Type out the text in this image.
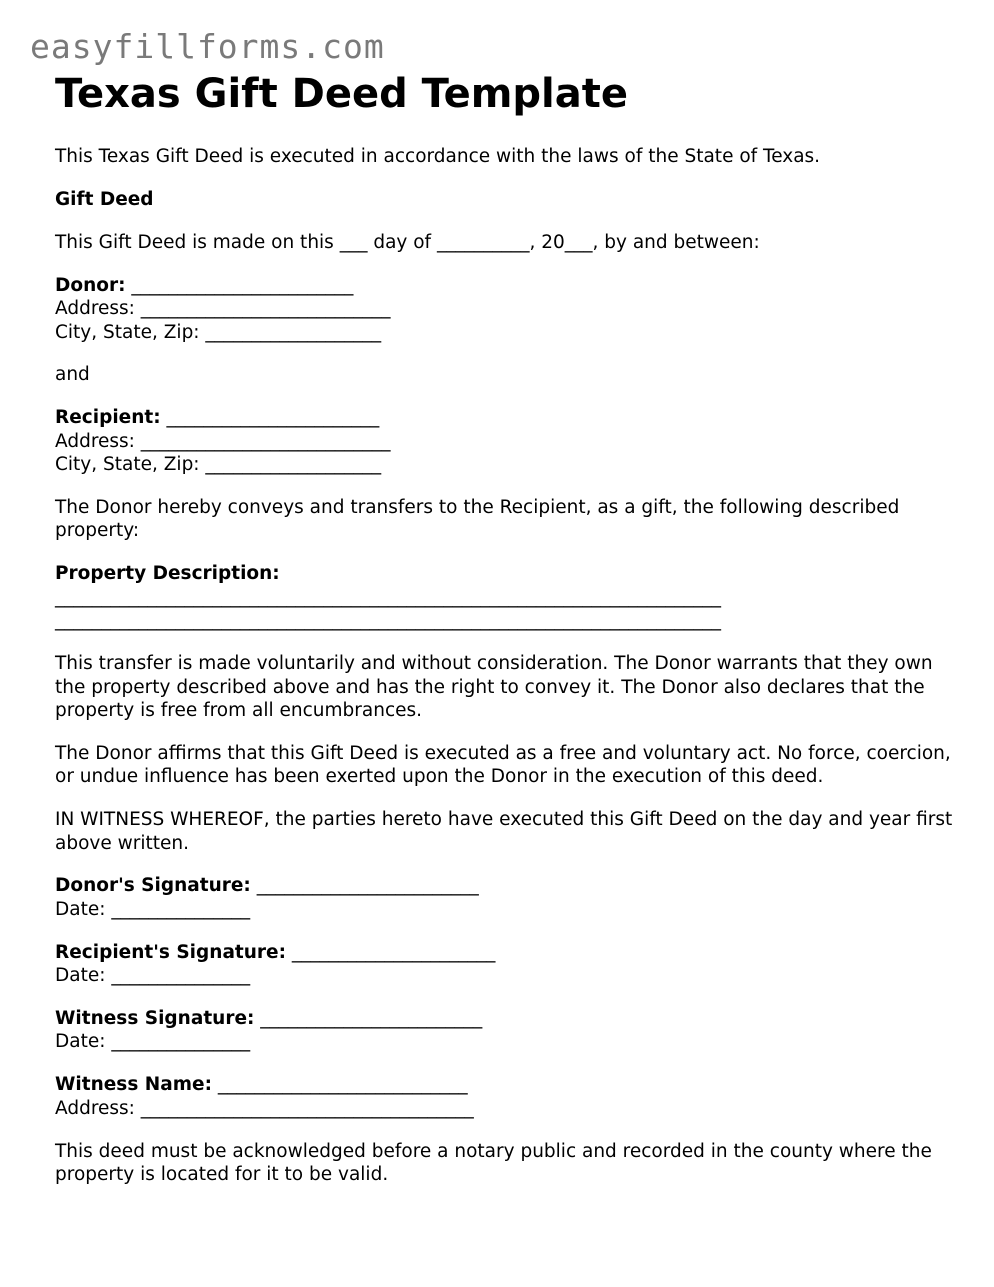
easyfillforms.com
Texas Gift Deed Template

This Texas Gift Deed is executed in accordance with the laws of the State of Texas.

Gift Deed

This Gift Deed is made on this ___ day of __________, 20___, by and between:

Donor: ________________________

Address: ___________________________

City, State, Zip: ___________________

and

Recipient: _______________________

Address: ___________________________

City, State, Zip: ___________________

The Donor hereby conveys and transfers to the Recipient, as a gift, the following described property:

Property Description:

________________________________________________________________________

________________________________________________________________________

This transfer is made voluntarily and without consideration. The Donor warrants that they own the property described above and has the right to convey it. The Donor also declares that the property is free from all encumbrances.

The Donor affirms that this Gift Deed is executed as a free and voluntary act. No force, coercion, or undue influence has been exerted upon the Donor in the execution of this deed.

IN WITNESS WHEREOF, the parties hereto have executed this Gift Deed on the day and year first above written.

Donor's Signature: ________________________

Date: _______________

Recipient's Signature: ______________________

Date: _______________

Witness Signature: ________________________

Date: _______________

Witness Name: ___________________________

Address: ____________________________________

This deed must be acknowledged before a notary public and recorded in the county where the property is located for it to be valid.
